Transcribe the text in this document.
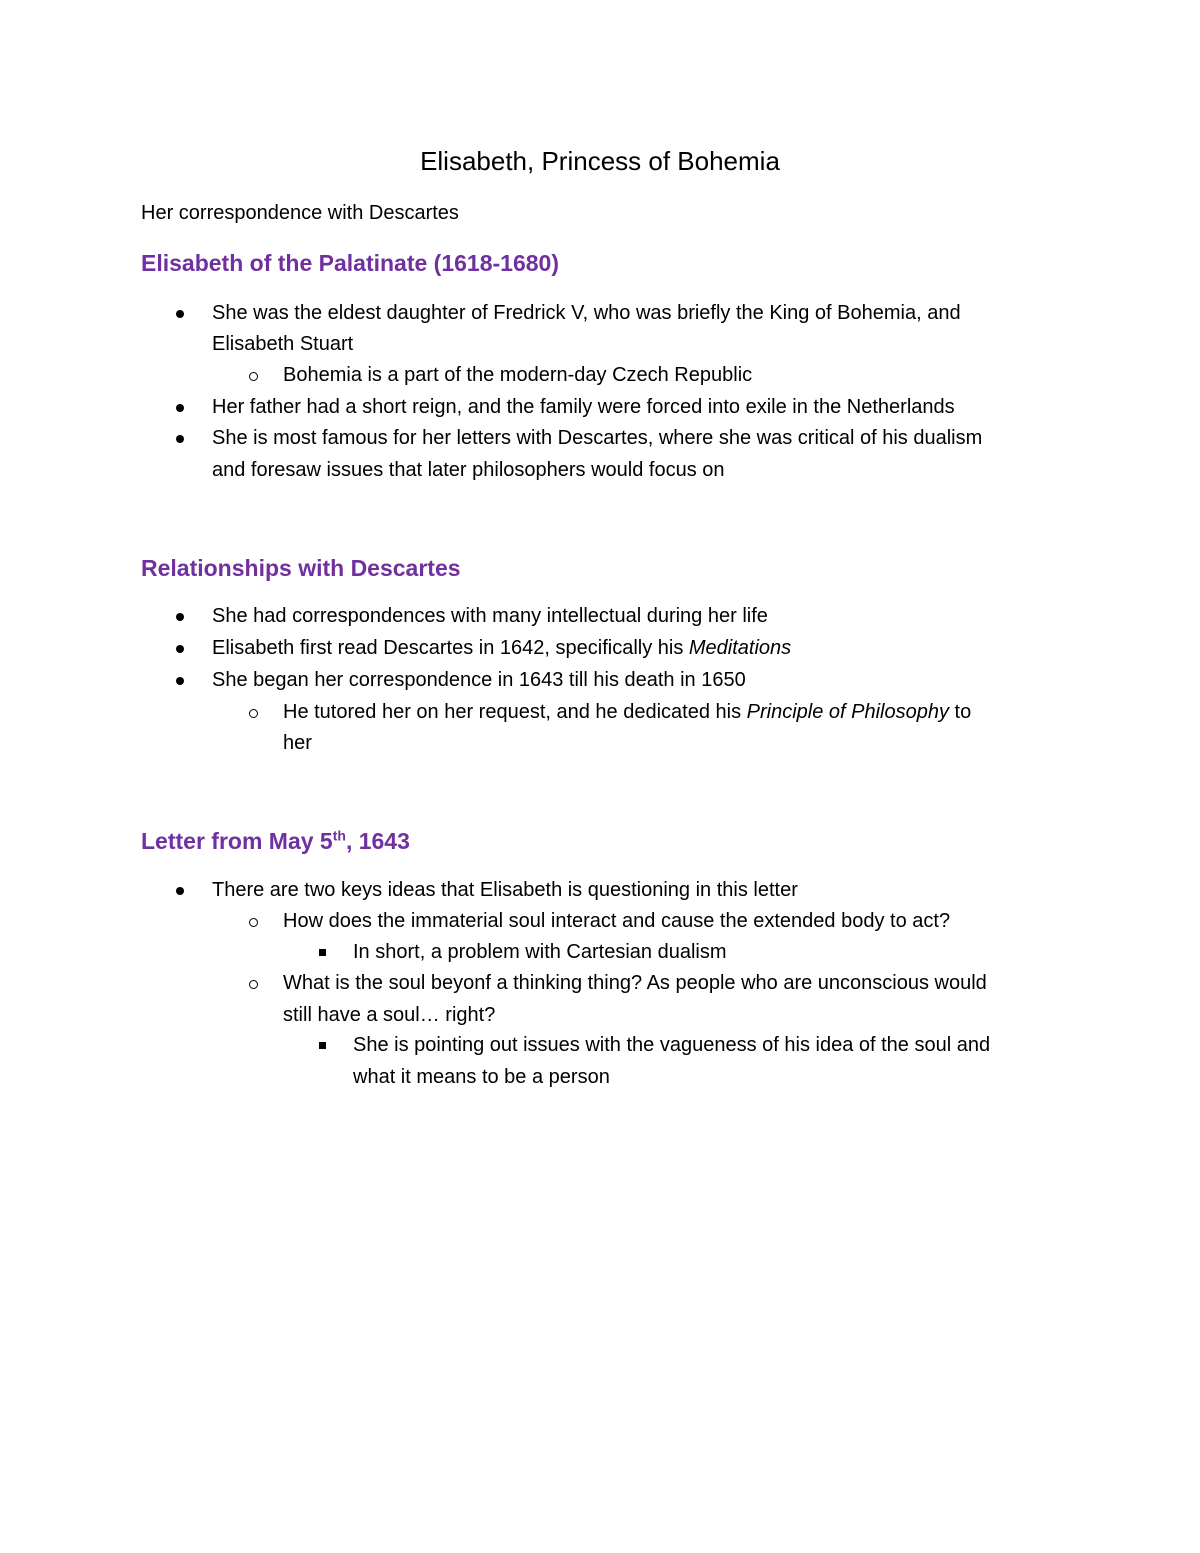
Elisabeth, Princess of Bohemia

Her correspondence with Descartes

Elisabeth of the Palatinate (1618-1680)

She was the eldest daughter of Fredrick V, who was briefly the King of Bohemia, and

Elisabeth Stuart

Bohemia is a part of the modern-day Czech Republic

Her father had a short reign, and the family were forced into exile in the Netherlands

She is most famous for her letters with Descartes, where she was critical of his dualism

and foresaw issues that later philosophers would focus on

Relationships with Descartes

She had correspondences with many intellectual during her life

Elisabeth first read Descartes in 1642, specifically his Meditations

She began her correspondence in 1643 till his death in 1650

He tutored her on her request, and he dedicated his Principle of Philosophy to

her

Letter from May 5th, 1643

There are two keys ideas that Elisabeth is questioning in this letter

How does the immaterial soul interact and cause the extended body to act?

In short, a problem with Cartesian dualism

What is the soul beyonf a thinking thing? As people who are unconscious would

still have a soul… right?

She is pointing out issues with the vagueness of his idea of the soul and

what it means to be a person
